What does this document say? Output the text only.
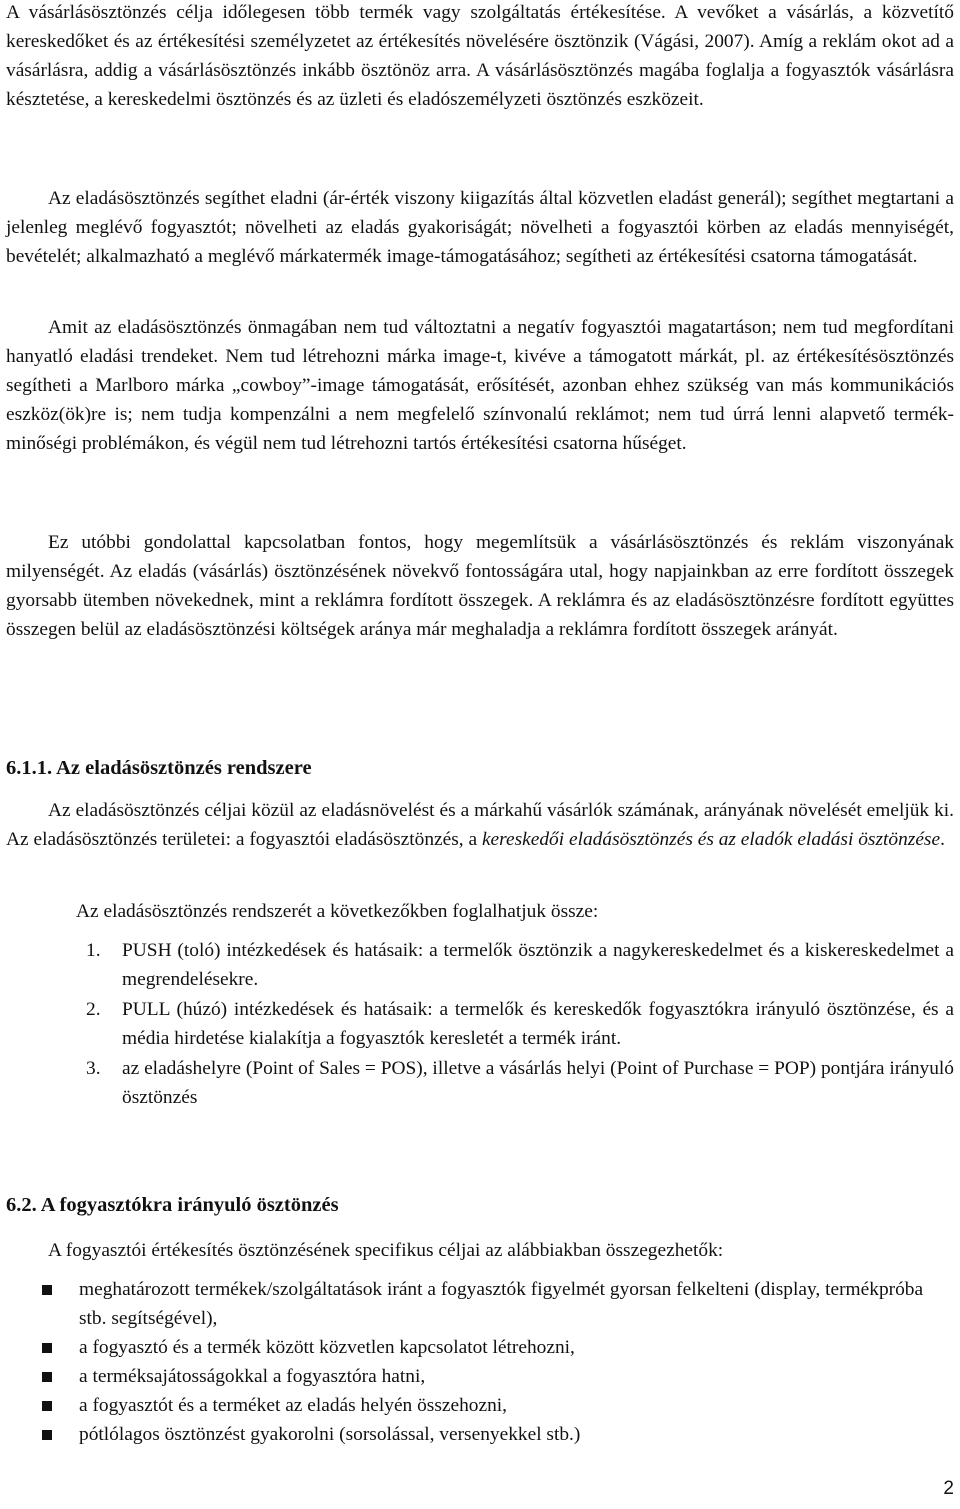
A vásárlásösztönzés célja időlegesen több termék vagy szolgáltatás értékesítése. A vevőket a vásárlás, a közvetítő kereskedőket és az értékesítési személyzetet az értékesítés növelésére ösztönzik (Vágási, 2007). Amíg a reklám okot ad a vásárlásra, addig a vásárlásösztönzés inkább ösztönöz arra. A vásárlásösztönzés magába foglalja a fogyasztók vásárlásra késztetése, a kereskedelmi ösztönzés és az üzleti és eladószemélyzeti ösztönzés eszközeit.

Az eladásösztönzés segíthet eladni (ár-érték viszony kiigazítás által közvetlen eladást generál); segíthet megtartani a jelenleg meglévő fogyasztót; növelheti az eladás gyakoriságát; növelheti a fogyasztói körben az eladás mennyiségét, bevételét; alkalmazható a meglévő márkatermék image-támogatásához; segítheti az értékesítési csatorna támogatását.

Amit az eladásösztönzés önmagában nem tud változtatni a negatív fogyasztói magatartáson; nem tud megfordítani hanyatló eladási trendeket. Nem tud létrehozni márka image-t, kivéve a támogatott márkát, pl. az értékesítésösztönzés segítheti a Marlboro márka „cowboy”-image támogatását, erősítését, azonban ehhez szükség van más kommunikációs eszköz(ök)re is; nem tudja kompenzálni a nem megfelelő színvonalú reklámot; nem tud úrrá lenni alapvető termék-minőségi problémákon, és végül nem tud létrehozni tartós értékesítési csatorna hűséget.

Ez utóbbi gondolattal kapcsolatban fontos, hogy megemlítsük a vásárlásösztönzés és reklám viszonyának milyenségét. Az eladás (vásárlás) ösztönzésének növekvő fontosságára utal, hogy napjainkban az erre fordított összegek gyorsabb ütemben növekednek, mint a reklámra fordított összegek. A reklámra és az eladásösztönzésre fordított együttes összegen belül az eladásösztönzési költségek aránya már meghaladja a reklámra fordított összegek arányát.

6.1.1. Az eladásösztönzés rendszere

Az eladásösztönzés céljai közül az eladásnövelést és a márkahű vásárlók számának, arányának növelését emeljük ki. Az eladásösztönzés területei: a fogyasztói eladásösztönzés, a kereskedői eladásösztönzés és az eladók eladási ösztönzése.

Az eladásösztönzés rendszerét a következőkben foglalhatjuk össze:

1. PUSH (toló) intézkedések és hatásaik: a termelők ösztönzik a nagykereskedelmet és a kiskereskedelmet a megrendelésekre.
2. PULL (húzó) intézkedések és hatásaik: a termelők és kereskedők fogyasztókra irányuló ösztönzése, és a média hirdetése kialakítja a fogyasztók keresletét a termék iránt.
3. az eladáshelyre (Point of Sales = POS), illetve a vásárlás helyi (Point of Purchase = POP) pontjára irányuló ösztönzés
6.2. A fogyasztókra irányuló ösztönzés

A fogyasztói értékesítés ösztönzésének specifikus céljai az alábbiakban összegezhetők:

meghatározott termékek/szolgáltatások iránt a fogyasztók figyelmét gyorsan felkelteni (display, termékpróba stb. segítségével),
a fogyasztó és a termék között közvetlen kapcsolatot létrehozni,
a terméksajátosságokkal a fogyasztóra hatni,
a fogyasztót és a terméket az eladás helyén összehozni,
pótlólagos ösztönzést gyakorolni (sorsolással, versenyekkel stb.)
2
